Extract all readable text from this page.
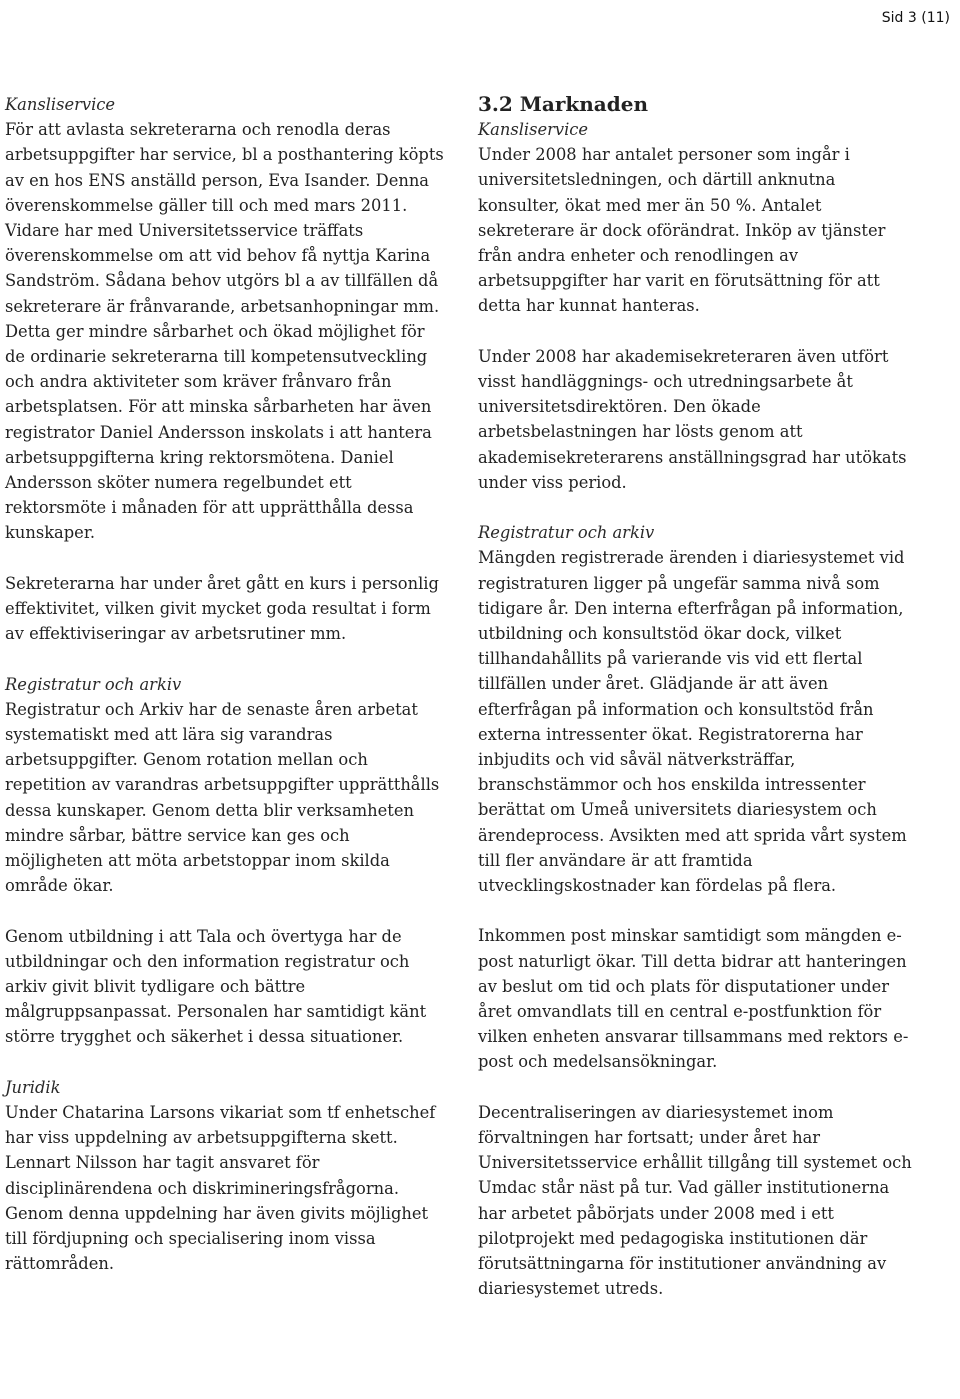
Sid 3 (11)
Kansliservice

För att avlasta sekreterarna och renodla deras arbetsuppgifter har service, bl a posthantering köpts av en hos ENS anställd person, Eva Isander. Denna överenskommelse gäller till och med mars 2011. Vidare har med Universitetsservice träffats överenskommelse om att vid behov få nyttja Karina Sandström. Sådana behov utgörs bl a av tillfällen då sekreterare är frånvarande, arbetsanhopningar mm. Detta ger mindre sårbarhet och ökad möjlighet för de ordinarie sekreterarna till kompetensutveckling och andra aktiviteter som kräver frånvaro från arbetsplatsen. För att minska sårbarheten har även registrator Daniel Andersson inskolats i att hantera arbetsuppgifterna kring rektorsmötena. Daniel Andersson sköter numera regelbundet ett rektorsmöte i månaden för att upprätthålla dessa kunskaper.

Sekreterarna har under året gått en kurs i personlig effektivitet, vilken givit mycket goda resultat i form av effektiviseringar av arbetsrutiner mm.

Registratur och arkiv

Registratur och Arkiv har de senaste åren arbetat systematiskt med att lära sig varandras arbetsuppgifter. Genom rotation mellan och repetition av varandras arbetsuppgifter upprätthålls dessa kunskaper. Genom detta blir verksamheten mindre sårbar, bättre service kan ges och möjligheten att möta arbetstoppar inom skilda område ökar.

Genom utbildning i att Tala och övertyga har de utbildningar och den information registratur och arkiv givit blivit tydligare och bättre målgruppsanpassat. Personalen har samtidigt känt större trygghet och säkerhet i dessa situationer.

Juridik

Under Chatarina Larsons vikariat som tf enhetschef har viss uppdelning av arbetsuppgifterna skett. Lennart Nilsson har tagit ansvaret för disciplinärendena och diskrimineringsfrågorna. Genom denna uppdelning har även givits möjlighet till fördjupning och specialisering inom vissa rättområden.

3.2 Marknaden
Kansliservice

Under 2008 har antalet personer som ingår i universitetsledningen, och därtill anknutna konsulter, ökat med mer än 50 %. Antalet sekreterare är dock oförändrat. Inköp av tjänster från andra enheter och renodlingen av arbetsuppgifter har varit en förutsättning för att detta har kunnat hanteras.

Under 2008 har akademisekreteraren även utfört visst handläggnings- och utredningsarbete åt universitetsdirektören. Den ökade arbetsbelastningen har lösts genom att akademisekreterarens anställningsgrad har utökats under viss period.

Registratur och arkiv

Mängden registrerade ärenden i diariesystemet vid registraturen ligger på ungefär samma nivå som tidigare år. Den interna efterfrågan på information, utbildning och konsultstöd ökar dock, vilket tillhandahållits på varierande vis vid ett flertal tillfällen under året. Glädjande är att även efterfrågan på information och konsultstöd från externa intressenter ökat. Registratorerna har inbjudits och vid såväl nätverksträffar, branschstämmor och hos enskilda intressenter berättat om Umeå universitets diariesystem och ärendeprocess. Avsikten med att sprida vårt system till fler användare är att framtida utvecklingskostnader kan fördelas på flera.

Inkommen post minskar samtidigt som mängden e-post naturligt ökar. Till detta bidrar att hanteringen av beslut om tid och plats för disputationer under året omvandlats till en central e-postfunktion för vilken enheten ansvarar tillsammans med rektors e-post och medelsansökningar.

Decentraliseringen av diariesystemet inom förvaltningen har fortsatt; under året har Universitetsservice erhållit tillgång till systemet och Umdac står näst på tur. Vad gäller institutionerna har arbetet påbörjats under 2008 med i ett pilotprojekt med pedagogiska institutionen där förutsättningarna för institutioner användning av diariesystemet utreds.
